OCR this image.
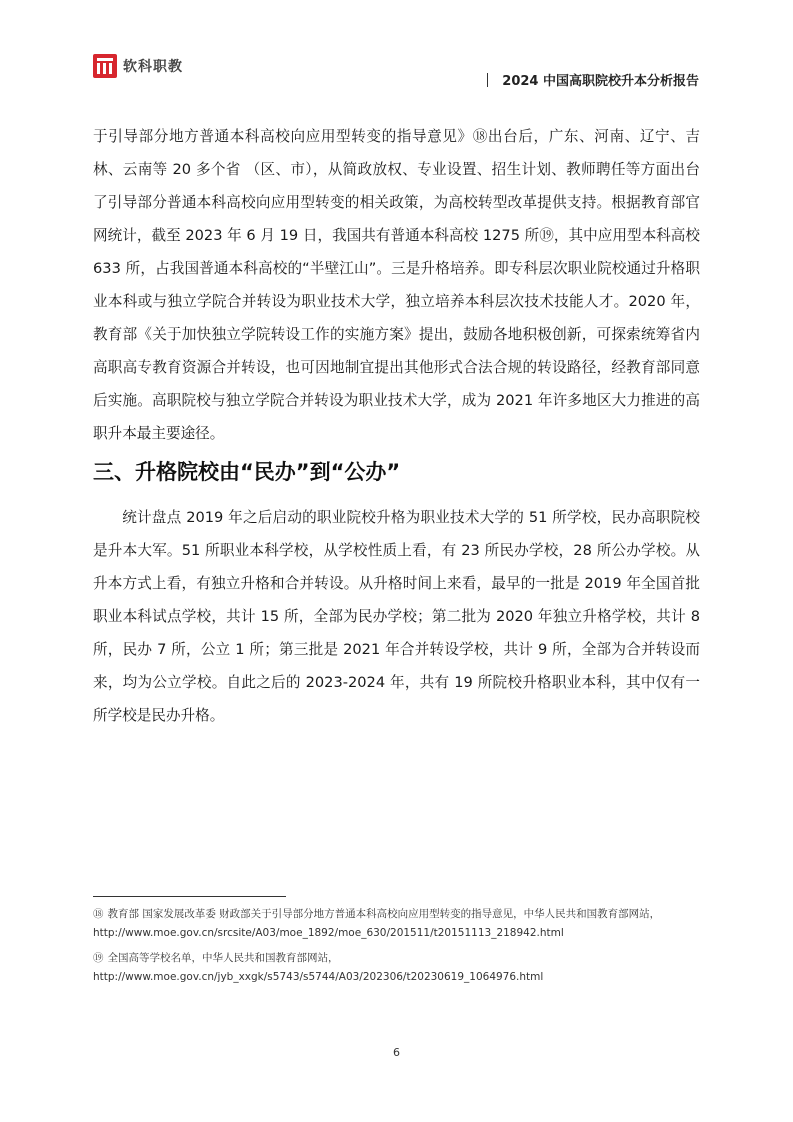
软科职教
2024 中国高职院校升本分析报告

于引导部分地方普通本科高校向应用型转变的指导意见》⑱出台后，广东、河南、辽宁、吉林、云南等 20 多个省 （区、市），从简政放权、专业设置、招生计划、教师聘任等方面出台了引导部分普通本科高校向应用型转变的相关政策，为高校转型改革提供支持。根据教育部官网统计，截至 2023 年 6 月 19 日，我国共有普通本科高校 1275 所⑲，其中应用型本科高校 633 所，占我国普通本科高校的“半壁江山”。三是升格培养。即专科层次职业院校通过升格职业本科或与独立学院合并转设为职业技术大学，独立培养本科层次技术技能人才。2020 年，教育部《关于加快独立学院转设工作的实施方案》提出，鼓励各地积极创新，可探索统筹省内高职高专教育资源合并转设，也可因地制宜提出其他形式合法合规的转设路径，经教育部同意后实施。高职院校与独立学院合并转设为职业技术大学，成为 2021 年许多地区大力推进的高职升本最主要途径。

三、升格院校由“民办”到“公办”

统计盘点 2019 年之后启动的职业院校升格为职业技术大学的 51 所学校，民办高职院校是升本大军。51 所职业本科学校，从学校性质上看，有 23 所民办学校，28 所公办学校。从升本方式上看，有独立升格和合并转设。从升格时间上来看，最早的一批是 2019 年全国首批职业本科试点学校，共计 15 所，全部为民办学校；第二批为 2020 年独立升格学校，共计 8 所，民办 7 所，公立 1 所；第三批是 2021 年合并转设学校，共计 9 所，全部为合并转设而来，均为公立学校。自此之后的 2023-2024 年，共有 19 所院校升格职业本科，其中仅有一所学校是民办升格。

⑱ 教育部 国家发展改革委 财政部关于引导部分地方普通本科高校向应用型转变的指导意见，中华人民共和国教育部网站，http://www.moe.gov.cn/srcsite/A03/moe_1892/moe_630/201511/t20151113_218942.html

⑲ 全国高等学校名单，中华人民共和国教育部网站，http://www.moe.gov.cn/jyb_xxgk/s5743/s5744/A03/202306/t20230619_1064976.html

6
